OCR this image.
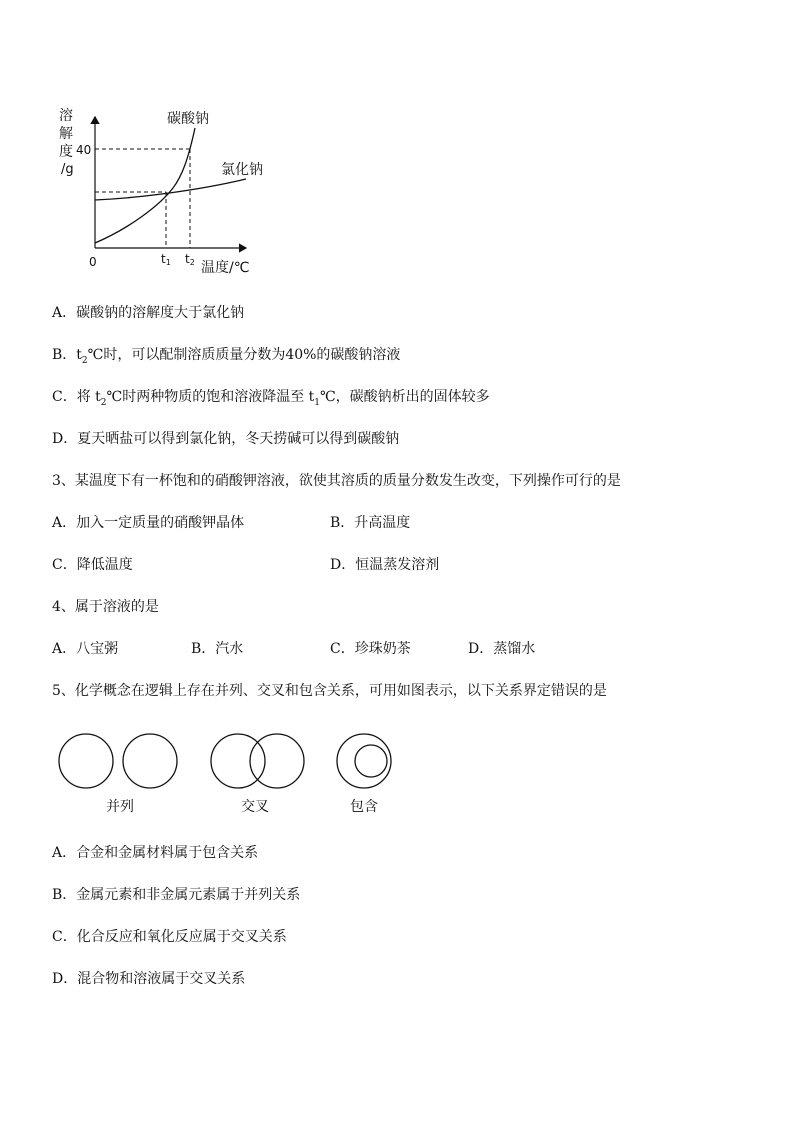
溶
解
度
/g
40
0
碳酸钠
氯化钠
t1 t2 温度/℃
A．碳酸钠的溶解度大于氯化钠
B．$t_2℃$时，可以配制溶质质量分数为40%的碳酸钠溶液
C．将 $t_2℃$时两种物质的饱和溶液降温至 $t_1℃$，碳酸钠析出的固体较多
D．夏天晒盐可以得到氯化钠，冬天捞碱可以得到碳酸钠
3、某温度下有一杯饱和的硝酸钾溶液，欲使其溶质的质量分数发生改变，下列操作可行的是
A．加入一定质量的硝酸钾晶体	B．升高温度
C．降低温度	D．恒温蒸发溶剂
4、属于溶液的是
A．八宝粥	B．汽水	C．珍珠奶茶	D．蒸馏水
5、化学概念在逻辑上存在并列、交叉和包含关系，可用如图表示，以下关系界定错误的是
并列	交叉	包含
A．合金和金属材料属于包含关系
B．金属元素和非金属元素属于并列关系
C．化合反应和氧化反应属于交叉关系
D．混合物和溶液属于交叉关系
